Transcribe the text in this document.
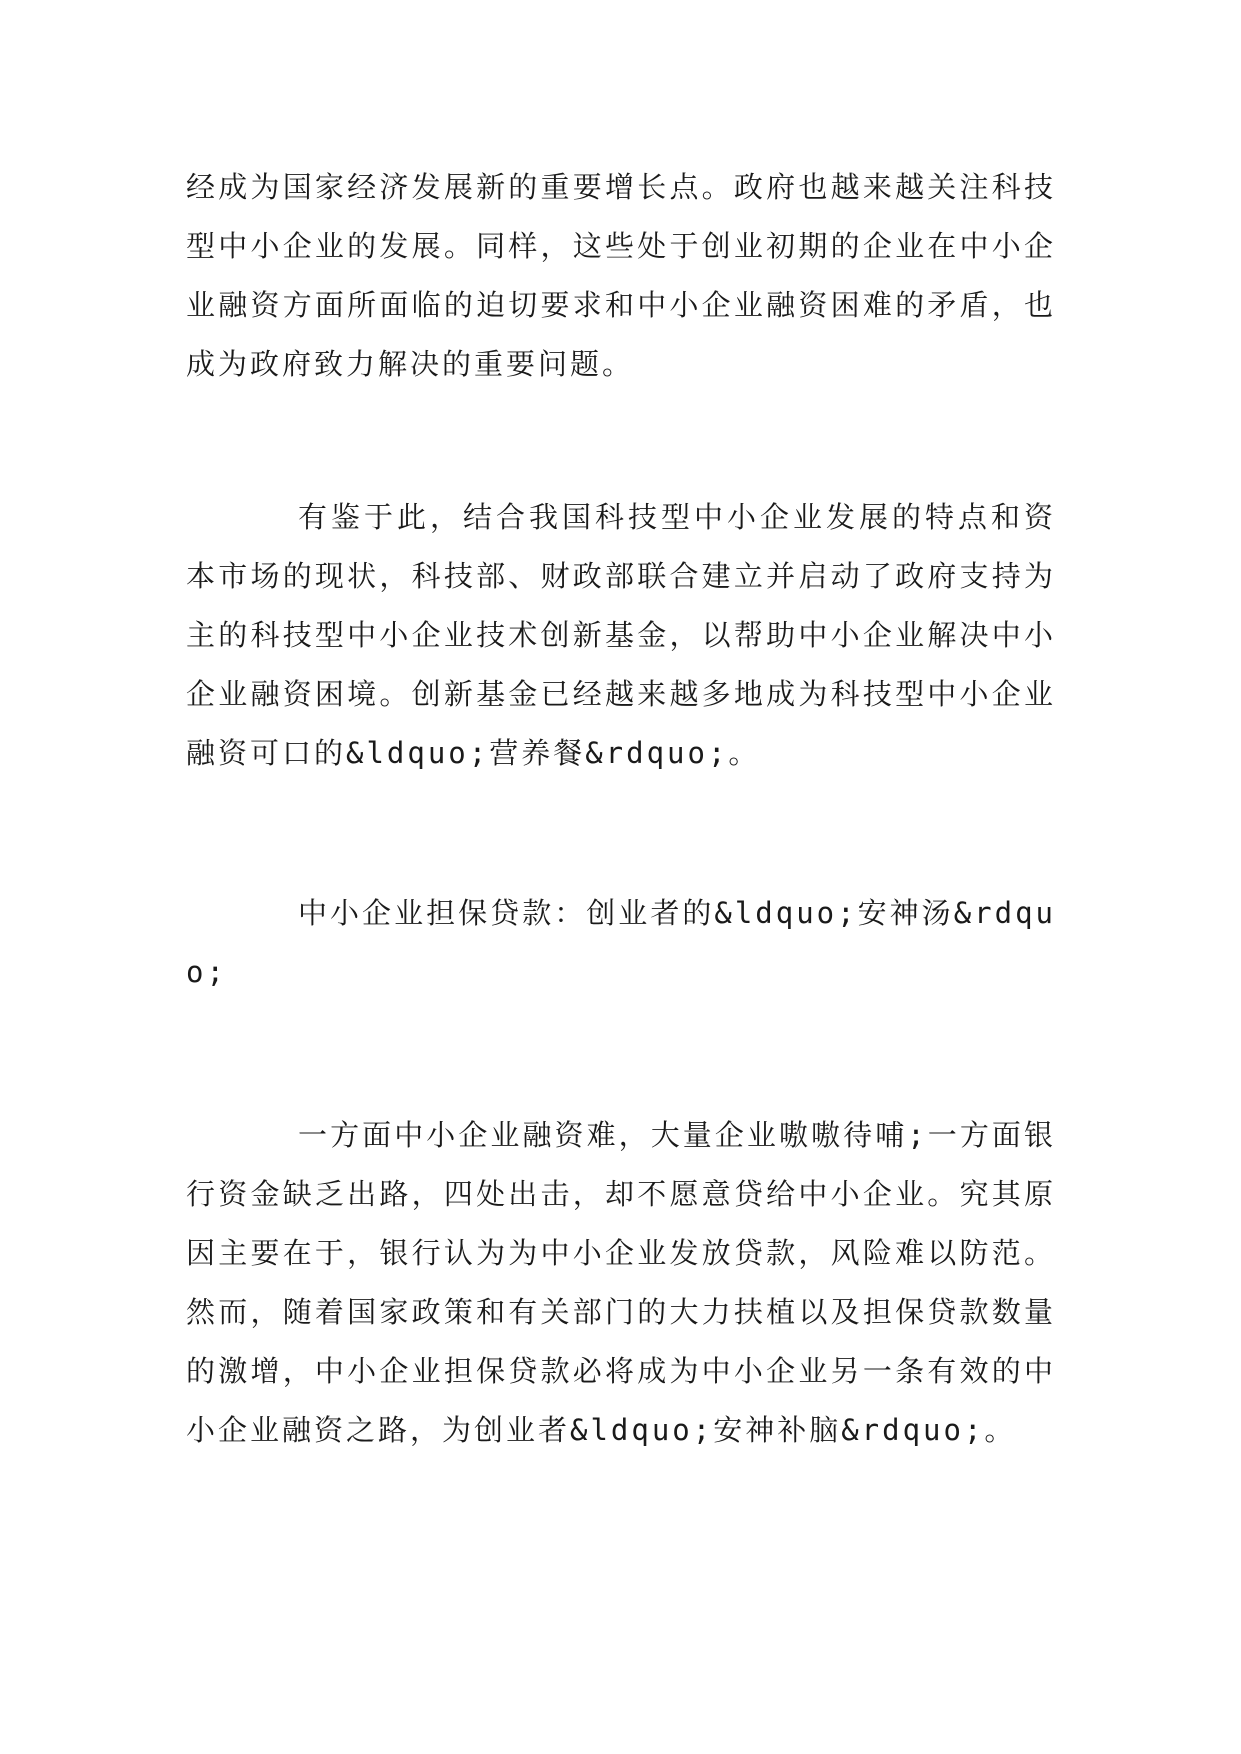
经成为国家经济发展新的重要增长点。政府也越来越关注科技型中小企业的发展。同样，这些处于创业初期的企业在中小企业融资方面所面临的迫切要求和中小企业融资困难的矛盾，也成为政府致力解决的重要问题。

有鉴于此，结合我国科技型中小企业发展的特点和资本市场的现状，科技部、财政部联合建立并启动了政府支持为主的科技型中小企业技术创新基金，以帮助中小企业解决中小企业融资困境。创新基金已经越来越多地成为科技型中小企业融资可口的&ldquo;营养餐&rdquo;。

中小企业担保贷款：创业者的&ldquo;安神汤&rdquo;

一方面中小企业融资难，大量企业嗷嗷待哺;一方面银行资金缺乏出路，四处出击，却不愿意贷给中小企业。究其原因主要在于，银行认为为中小企业发放贷款，风险难以防范。然而，随着国家政策和有关部门的大力扶植以及担保贷款数量的激增，中小企业担保贷款必将成为中小企业另一条有效的中小企业融资之路，为创业者&ldquo;安神补脑&rdquo;。
